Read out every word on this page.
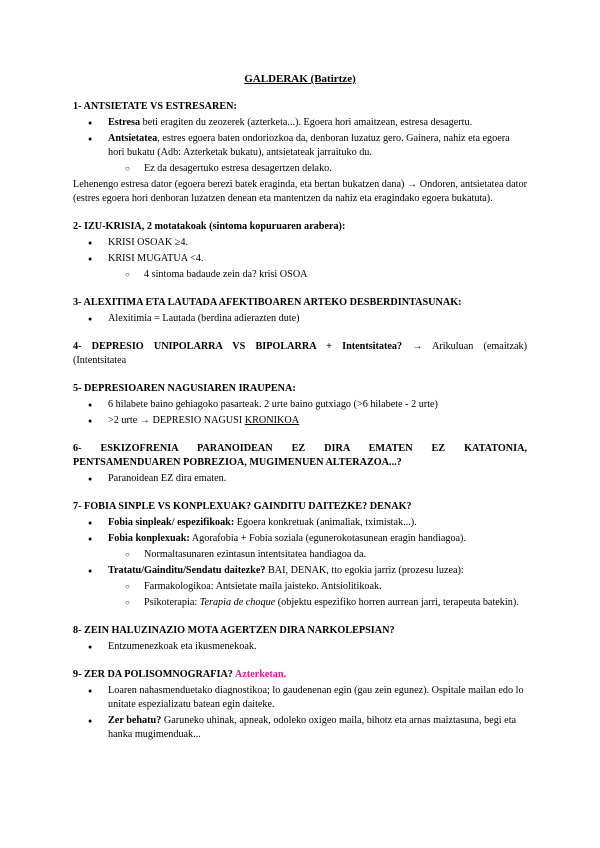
GALDERAK (Batirtze)
1- ANTSIETATE VS ESTRESAREN:
● Estresa beti eragiten du zeozerek (azterketa...). Egoera hori amaitzean, estresa desagertu.
● Antsietatea, estres egoera baten ondoriozkoa da, denboran luzatuz gero. Gainera, nahiz eta egoera hori bukatu (Adb: Azterketak bukatu), antsietateak jarraituko du.
○ Ez da desagertuko estresa desagertzen delako.

Lehenengo estresa dator (egoera berezi batek eraginda, eta bertan bukatzen dana) → Ondoren, antsietatea dator (estres egoera hori denboran luzatzen denean eta mantentzen da nahiz eta eragindako egoera bukatuta).

2- IZU-KRISIA, 2 motatakoak (sintoma kopuruaren arabera):
● KRISI OSOAK ≥4.
● KRISI MUGATUA <4.
○ 4 sintoma badaude zein da? krisi OSOA
3- ALEXITIMA ETA LAUTADA AFEKTIBOAREN ARTEKO DESBERDINTASUNAK:
● Alexitimia = Lautada (berdina adierazten dute)
4- DEPRESIO UNIPOLARRA VS BIPOLARRA + Intentsitatea? → Arikuluan (emaitzak)

(Intentsitatea

5- DEPRESIOAREN NAGUSIAREN IRAUPENA:
● 6 hilabete baino gehiagoko pasarteak. 2 urte baino gutxiago (>6 hilabete - 2 urte)
● >2 urte → DEPRESIO NAGUSI KRONIKOA
6- ESKIZOFRENIA PARANOIDEAN EZ DIRA EMATEN EZ KATATONIA,
PENTSAMENDUAREN POBREZIOA, MUGIMENUEN ALTERAZOA...?
● Paranoidean EZ dira ematen.
7- FOBIA SINPLE VS KONPLEXUAK? GAINDITU DAITEZKE? DENAK?
● Fobia sinpleak/ espezifikoak: Egoera konkretuak (animaliak, tximistak...).
● Fobia konplexuak: Agorafobia + Fobia soziala (egunerokotasunean eragin handiagoa).
○ Normaltasunaren ezintasun intentsitatea handiagoa da.
● Tratatu/Gainditu/Sendatu daitezke? BAI, DENAK, tto egokia jarriz (prozesu luzea):
○ Farmakologikoa: Antsietate maila jaisteko. Antsiolitikoak.
○ Psikoterapia: Terapia de choque (objektu espezifiko horren aurrean jarri, terapeuta batekin).
8- ZEIN HALUZINAZIO MOTA AGERTZEN DIRA NARKOLEPSIAN?
● Entzumenezkoak eta ikusmenekoak.
9- ZER DA POLISOMNOGRAFIA? Azterketan.
● Loaren nahasmenduetako diagnostikoa; lo gaudenenan egin (gau zein egunez). Ospitale mailan edo lo unitate espezializatu batean egin daiteke.
● Zer behatu? Garuneko uhinak, apneak, odoleko oxigeo maila, bihotz eta arnas maiztasuna, begi eta hanka mugimenduak...
